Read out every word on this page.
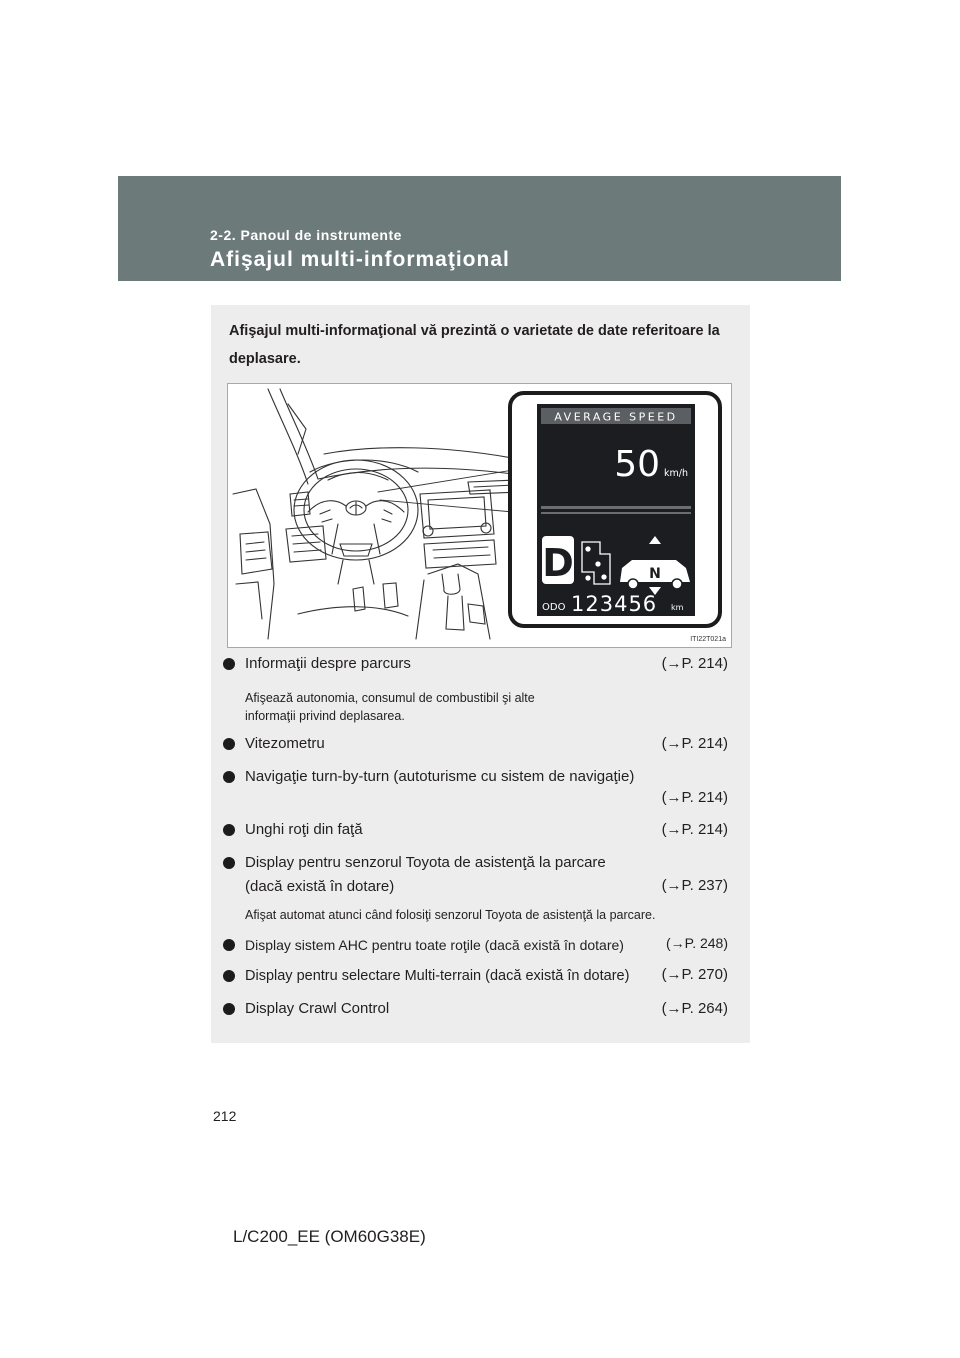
2-2. Panoul de instrumente
Afişajul multi-informaţional
Afişajul multi-informaţional vă prezintă o varietate de date referitoare la deplasare.
AVERAGE SPEED
50 km/h
D	N
ODO 123456 km
ITI22T021a
Informaţii despre parcurs	(→P. 214)
Afişează autonomia, consumul de combustibil şi alte informaţii privind deplasarea.
Vitezometru	(→P. 214)
Navigaţie turn-by-turn (autoturisme cu sistem de navigaţie)
(→P. 214)
Unghi roţi din faţă	(→P. 214)
Display pentru senzorul Toyota de asistenţă la parcare
(dacă există în dotare)	(→P. 237)
Afişat automat atunci când folosiţi senzorul Toyota de asistenţă la parcare.
Display sistem AHC pentru toate roţile (dacă există în dotare)	(→P. 248)
Display pentru selectare Multi-terrain (dacă există în dotare) (→P. 270)
Display Crawl Control	(→P. 264)
212
L/C200_EE (OM60G38E)
